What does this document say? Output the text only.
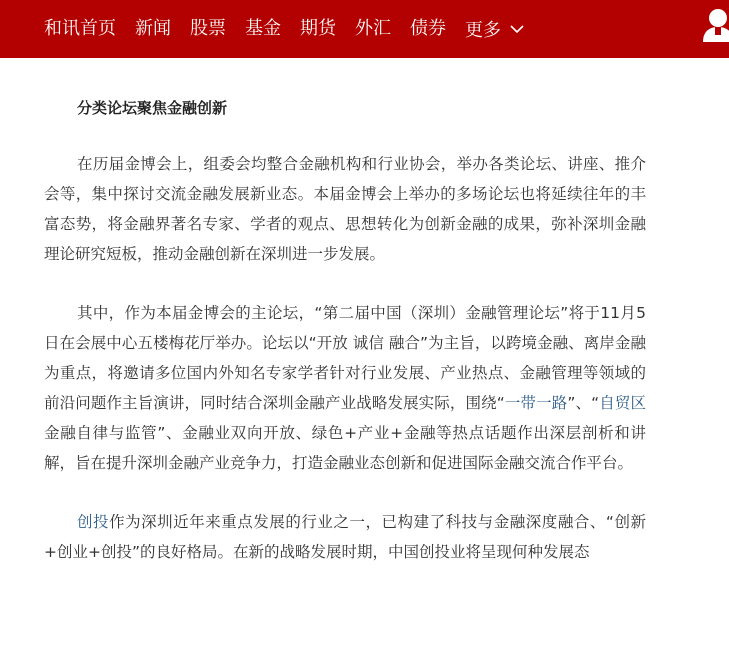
和讯首页 新闻 股票 基金 期货 外汇 债券 更多
分类论坛聚焦金融创新

在历届金博会上，组委会均整合金融机构和行业协会，举办各类论坛、讲座、推介会等，集中探讨交流金融发展新业态。本届金博会上举办的多场论坛也将延续往年的丰富态势，将金融界著名专家、学者的观点、思想转化为创新金融的成果，弥补深圳金融理论研究短板，推动金融创新在深圳进一步发展。

其中，作为本届金博会的主论坛，“第二届中国（深圳）金融管理论坛”将于11月5日在会展中心五楼梅花厅举办。论坛以“开放 诚信 融合”为主旨，以跨境金融、离岸金融为重点，将邀请多位国内外知名专家学者针对行业发展、产业热点、金融管理等领域的前沿问题作主旨演讲，同时结合深圳金融产业战略发展实际，围绕“一带一路”、“自贸区金融自律与监管”、金融业双向开放、绿色+产业+金融等热点话题作出深层剖析和讲解，旨在提升深圳金融产业竞争力，打造金融业态创新和促进国际金融交流合作平台。

创投作为深圳近年来重点发展的行业之一，已构建了科技与金融深度融合、“创新+创业+创投”的良好格局。在新的战略发展时期，中国创投业将呈现何种发展态
